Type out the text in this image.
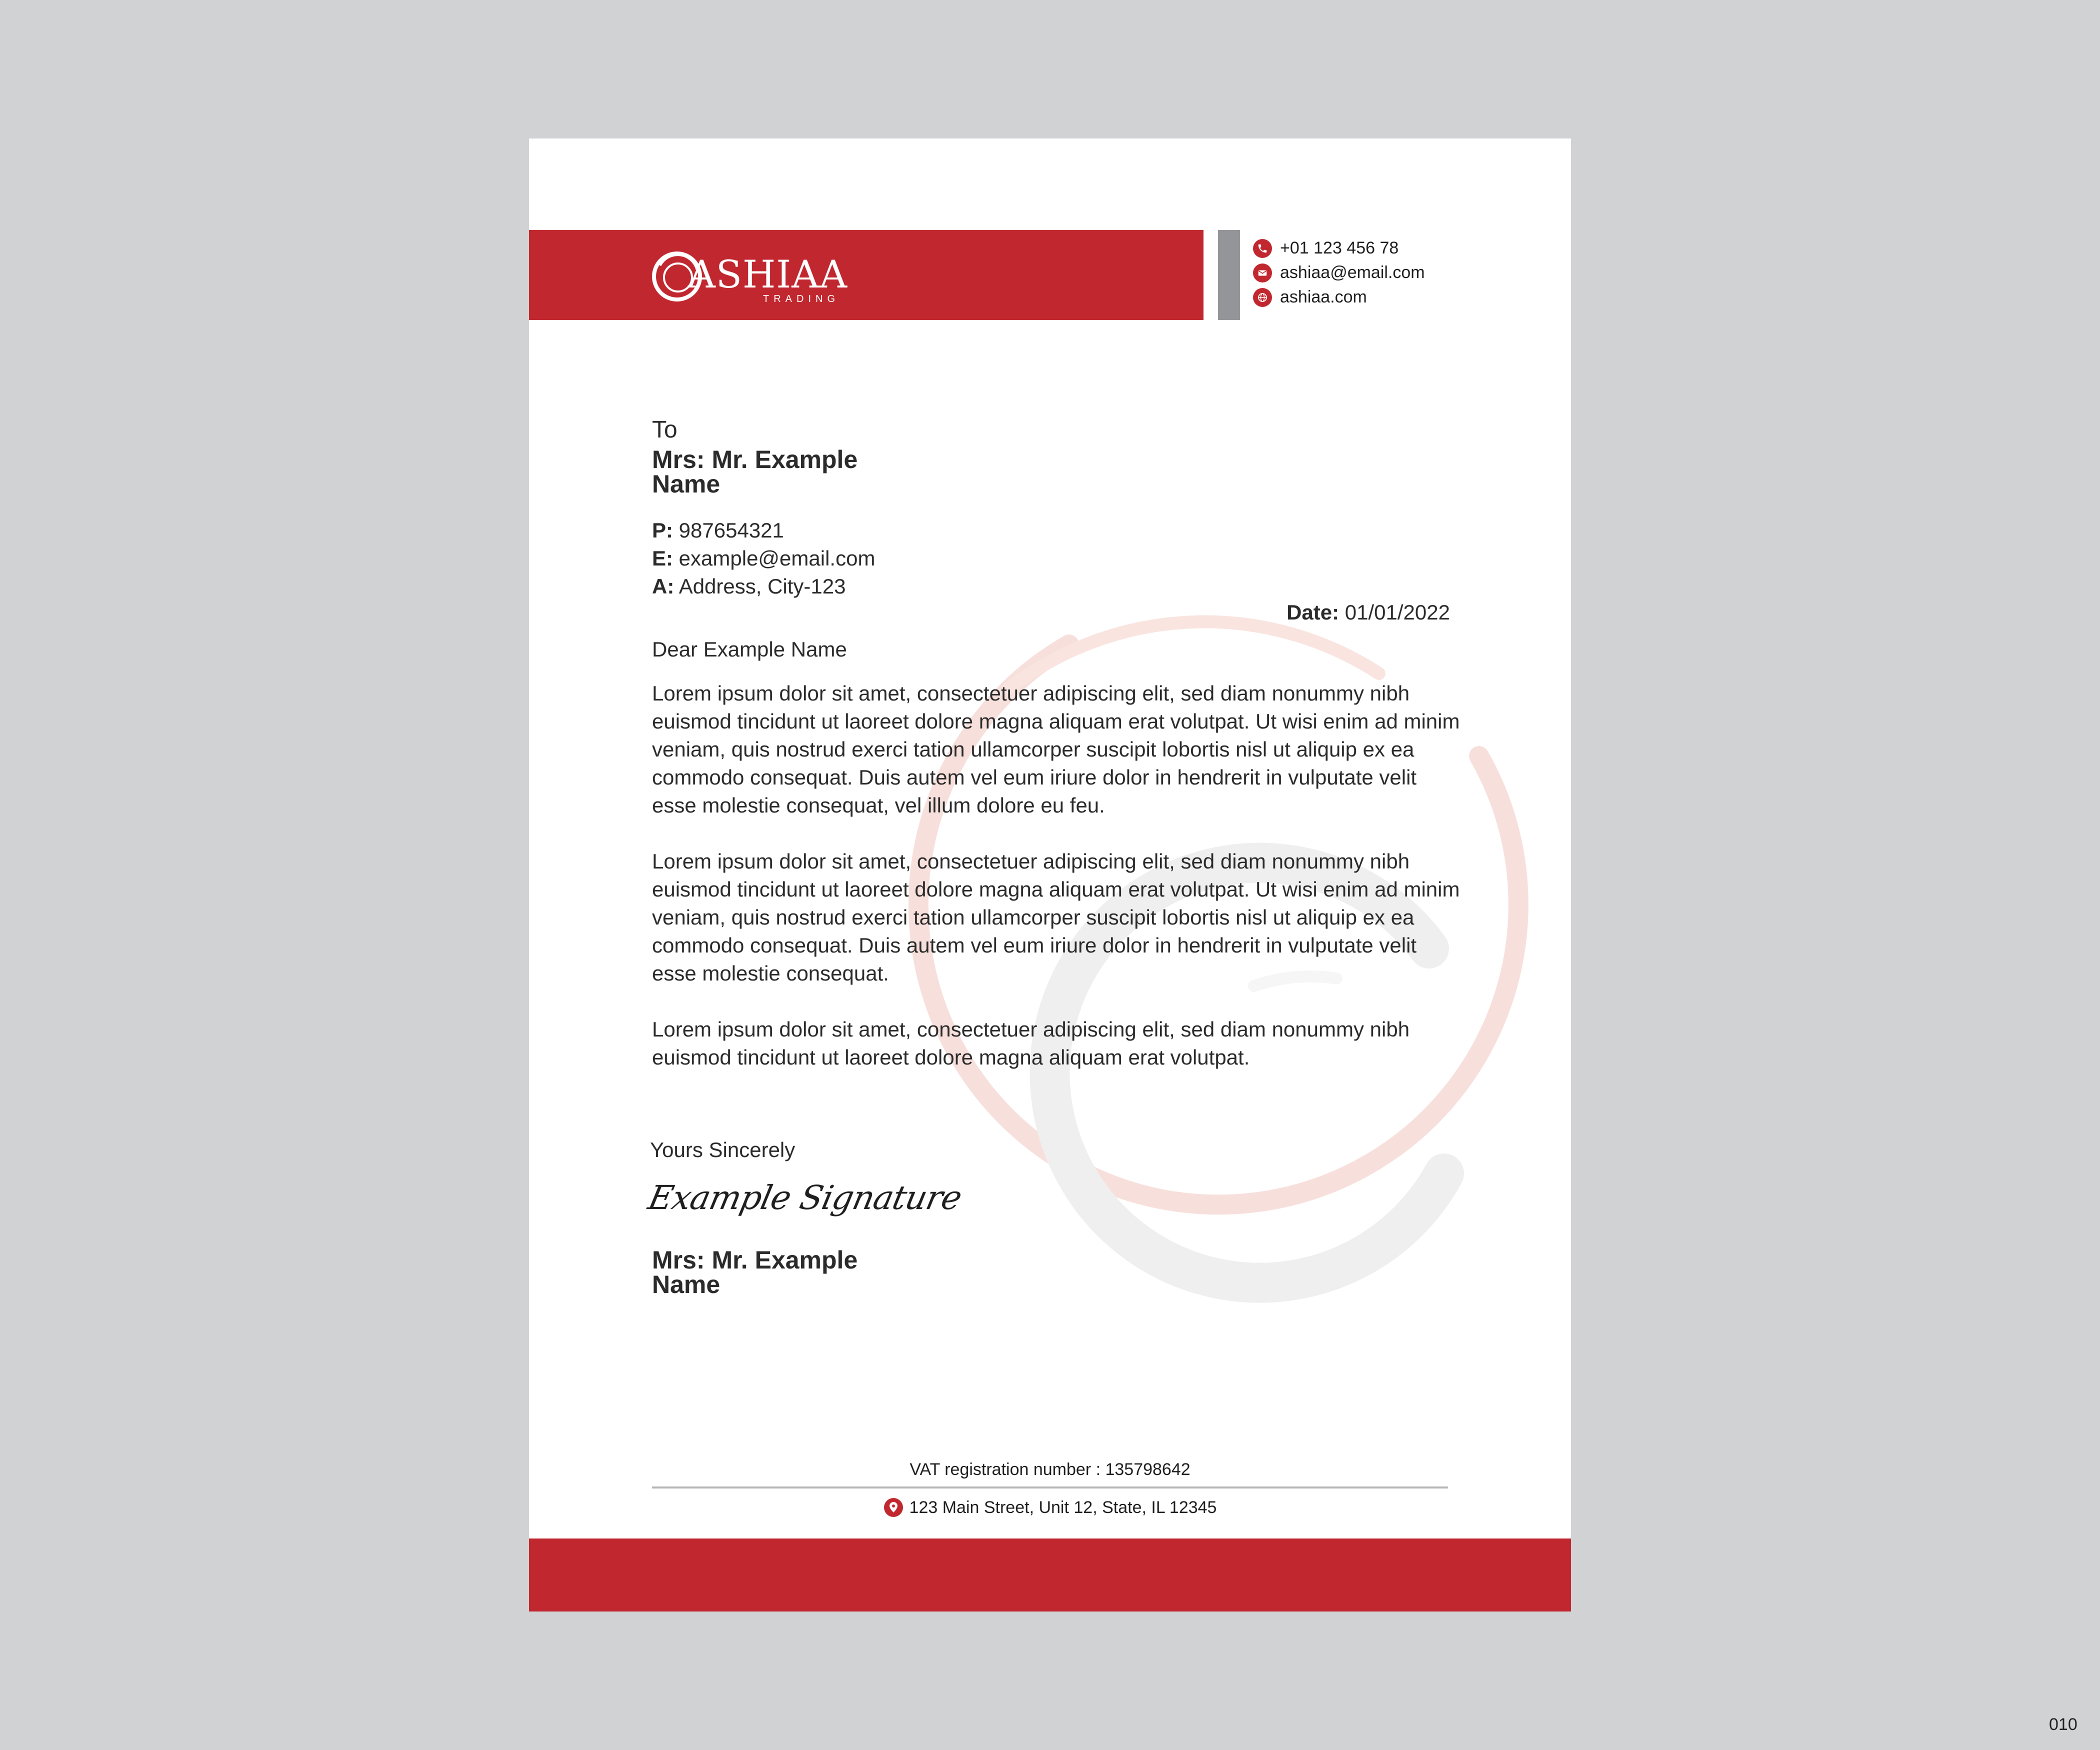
ASHIAA
TRADING
+01 123 456 78
ashiaa@email.com
ashiaa.com
To
Mrs: Mr. Example Name
P: 987654321
E: example@email.com
A: Address, City-123
Date: 01/01/2022
Dear Example Name
Lorem ipsum dolor sit amet, consectetuer adipiscing elit, sed diam nonummy nibh euismod tincidunt ut laoreet dolore magna aliquam erat volutpat. Ut wisi enim ad minim veniam, quis nostrud exerci tation ullamcorper suscipit lobortis nisl ut aliquip ex ea commodo consequat. Duis autem vel eum iriure dolor in hendrerit in vulputate velit esse molestie consequat, vel illum dolore eu feu.
Lorem ipsum dolor sit amet, consectetuer adipiscing elit, sed diam nonummy nibh euismod tincidunt ut laoreet dolore magna aliquam erat volutpat. Ut wisi enim ad minim veniam, quis nostrud exerci tation ullamcorper suscipit lobortis nisl ut aliquip ex ea commodo consequat. Duis autem vel eum iriure dolor in hendrerit in vulputate velit esse molestie consequat.
Lorem ipsum dolor sit amet, consectetuer adipiscing elit, sed diam nonummy nibh euismod tincidunt ut laoreet dolore magna aliquam erat volutpat.
Yours Sincerely
Example Signature
Mrs: Mr. Example Name
VAT registration number : 135798642
123 Main Street, Unit 12, State, IL 12345
010
